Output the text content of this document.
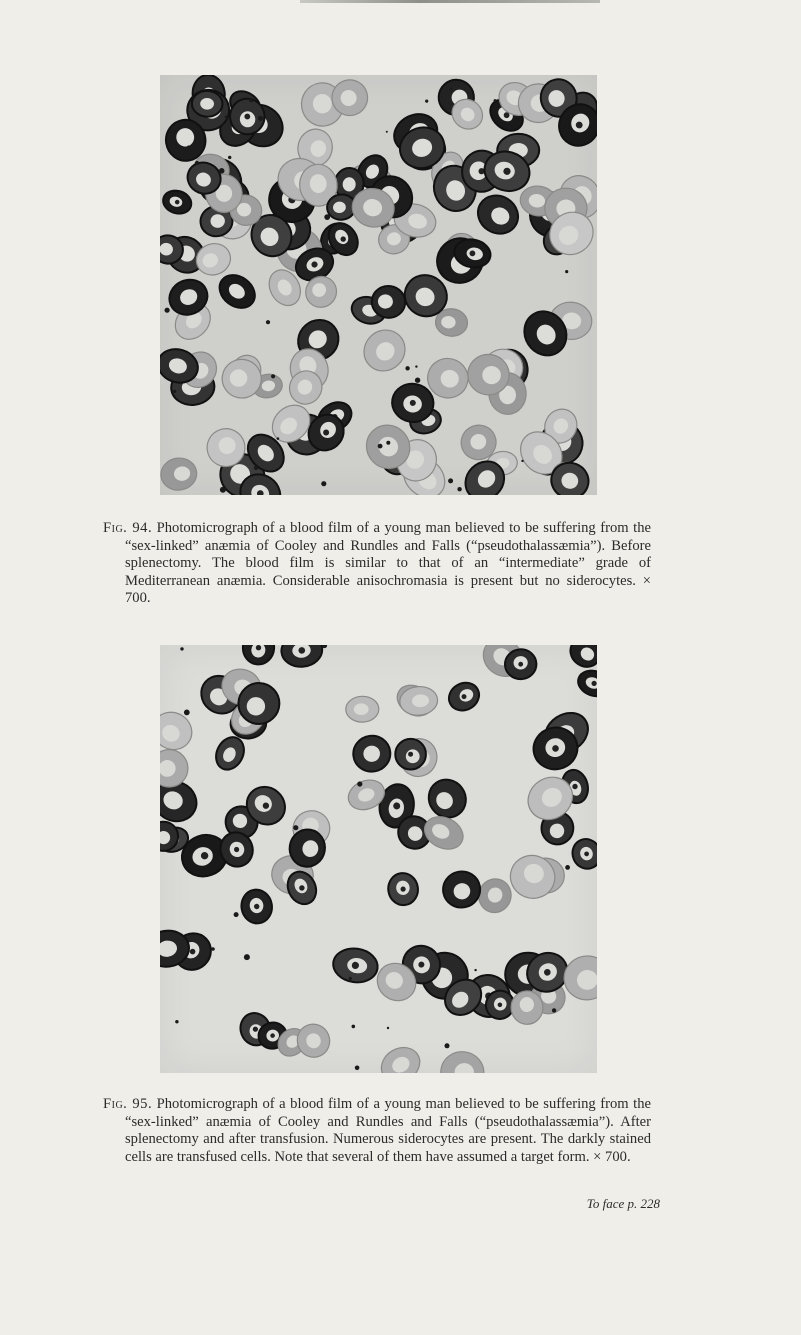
Fig. 94. Photomicrograph of a blood film of a young man believed to be suffering from the “sex-linked” anæmia of Cooley and Rundles and Falls (“pseudothalassæmia”). Before splenectomy. The blood film is similar to that of an “intermediate” grade of Mediterranean anæmia. Considerable anisochromasia is present but no siderocytes. × 700.
Fig. 95. Photomicrograph of a blood film of a young man believed to be suffering from the “sex-linked” anæmia of Cooley and Rundles and Falls (“pseudothalassæmia”). After splenectomy and after transfusion. Numerous siderocytes are present. The darkly stained cells are transfused cells. Note that several of them have assumed a target form. × 700.
To face p. 228
